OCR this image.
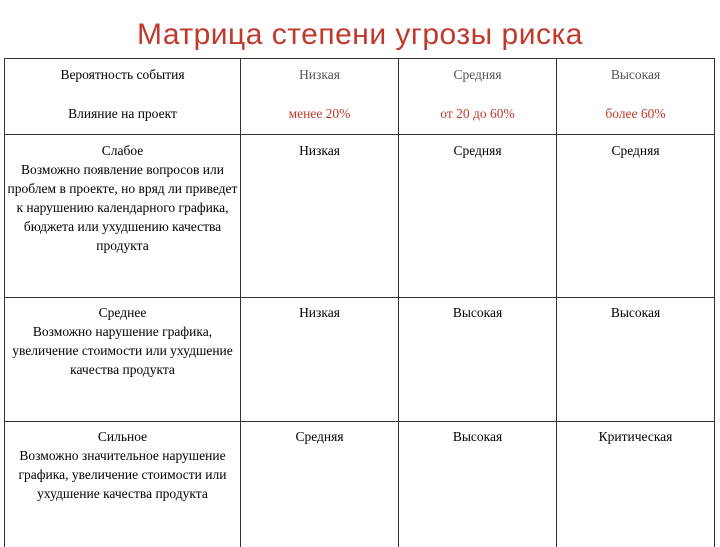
Матрица степени угрозы риска
Вероятность события	Низкая	Средняя	Высокая
Влияние на проект	менее 20%	от 20 до 60%	более 60%

Слабое
Возможно появление вопросов или проблем в проекте, но вряд ли приведет к нарушению календарного графика, бюджета или ухудшению качества продукта	Низкая	Средняя	Средняя

Среднее
Возможно нарушение графика, увеличение стоимости или ухудшение качества продукта	Низкая	Высокая	Высокая

Сильное
Возможно значительное нарушение графика, увеличение стоимости или ухудшение качества продукта	Средняя	Высокая	Критическая
